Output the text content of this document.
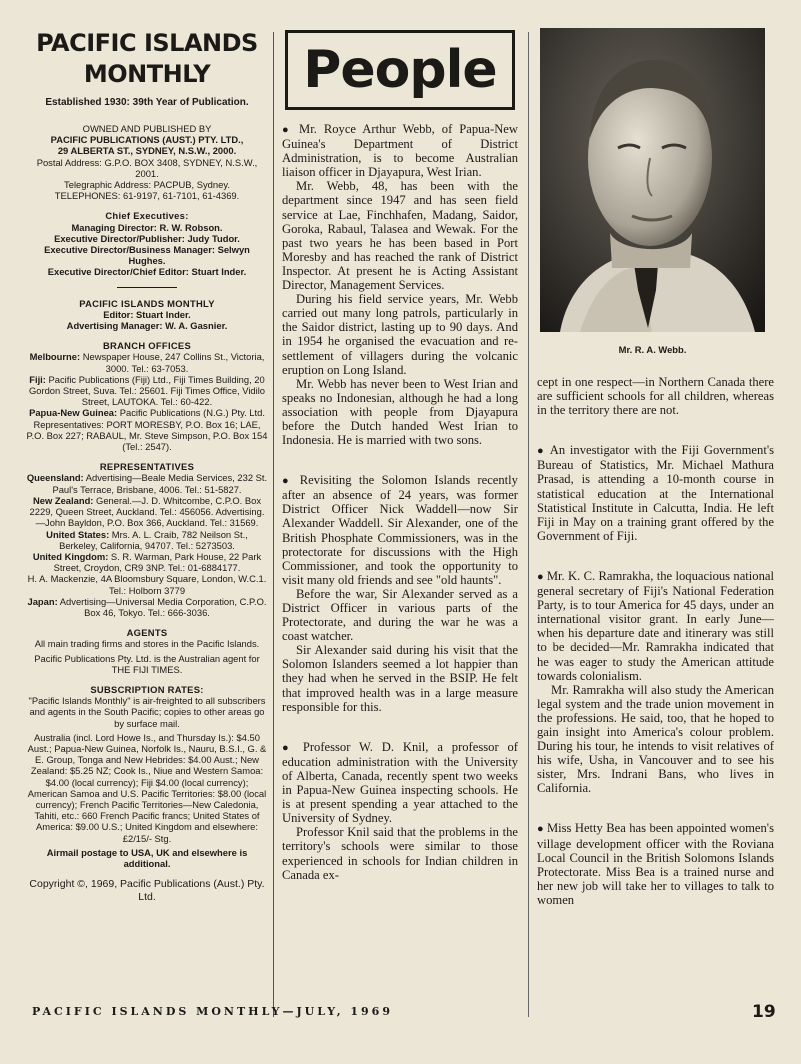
PACIFIC ISLANDS
MONTHLY
Established 1930: 39th Year of Publication.

OWNED AND PUBLISHED BY

PACIFIC PUBLICATIONS (AUST.) PTY. LTD.,

29 ALBERTA ST., SYDNEY, N.S.W., 2000.

Postal Address: G.P.O. BOX 3408, SYDNEY, N.S.W., 2001.

Telegraphic Address: PACPUB, Sydney.

TELEPHONES: 61-9197, 61-7101, 61-4369.

Chief Executives:

Managing Director: R. W. Robson.

Executive Director/Publisher: Judy Tudor.

Executive Director/Business Manager: Selwyn Hughes.

Executive Director/Chief Editor: Stuart Inder.

PACIFIC ISLANDS MONTHLY

Editor: Stuart Inder.

Advertising Manager: W. A. Gasnier.

BRANCH OFFICES

Melbourne: Newspaper House, 247 Collins St., Victoria, 3000. Tel.: 63-7053.

Fiji: Pacific Publications (Fiji) Ltd., Fiji Times Building, 20 Gordon Street, Suva. Tel.: 25601. Fiji Times Office, Vidilo Street, LAUTOKA. Tel.: 60-422.

Papua-New Guinea: Pacific Publications (N.G.) Pty. Ltd. Representatives: PORT MORESBY, P.O. Box 16; LAE, P.O. Box 227; RABAUL, Mr. Steve Simpson, P.O. Box 154 (Tel.: 2547).

REPRESENTATIVES

Queensland: Advertising—Beale Media Services, 232 St. Paul's Terrace, Brisbane, 4006. Tel.: 51-5827.

New Zealand: General.—J. D. Whitcombe, C.P.O. Box 2229, Queen Street, Auckland. Tel.: 456056. Advertising.—John Bayldon, P.O. Box 366, Auckland. Tel.: 31569.

United States: Mrs. A. L. Craib, 782 Neilson St., Berkeley, California, 94707. Tel.: 5273503.

United Kingdom: S. R. Warman, Park House, 22 Park Street, Croydon, CR9 3NP. Tel.: 01-6884177.

H. A. Mackenzie, 4A Bloomsbury Square, London, W.C.1. Tel.: Holborn 3779

Japan: Advertising—Universal Media Corporation, C.P.O. Box 46, Tokyo. Tel.: 666-3036.

AGENTS

All main trading firms and stores in the Pacific Islands.

Pacific Publications Pty. Ltd. is the Australian agent for THE FIJI TIMES.

SUBSCRIPTION RATES:

"Pacific Islands Monthly" is air-freighted to all subscribers and agents in the South Pacific; copies to other areas go by surface mail.

Australia (incl. Lord Howe Is., and Thursday Is.): $4.50 Aust.; Papua-New Guinea, Norfolk Is., Nauru, B.S.I., G. & E. Group, Tonga and New Hebrides: $4.00 Aust.; New Zealand: $5.25 NZ; Cook Is., Niue and Western Samoa: $4.00 (local currency); Fiji $4.00 (local currency); American Samoa and U.S. Pacific Territories: $8.00 (local currency); French Pacific Territories—New Caledonia, Tahiti, etc.: 660 French Pacific francs; United States of America: $9.00 U.S.; United Kingdom and elsewhere: £2/15/- Stg.

Airmail postage to USA, UK and elsewhere is additional.

Copyright ©, 1969, Pacific Publications (Aust.) Pty. Ltd.

People

● Mr. Royce Arthur Webb, of Papua-New Guinea's Department of District Administration, is to become Australian liaison officer in Djayapura, West Irian.

Mr. Webb, 48, has been with the department since 1947 and has seen field service at Lae, Finchhafen, Madang, Saidor, Goroka, Rabaul, Talasea and Wewak. For the past two years he has been based in Port Moresby and has reached the rank of District Inspector. At present he is Acting Assistant Director, Management Services.

During his field service years, Mr. Webb carried out many long patrols, particularly in the Saidor district, lasting up to 90 days. And in 1954 he organised the evacuation and re-settlement of villagers during the volcanic eruption on Long Island.

Mr. Webb has never been to West Irian and speaks no Indonesian, although he had a long association with people from Djayapura before the Dutch handed West Irian to Indonesia. He is married with two sons.

● Revisiting the Solomon Islands recently after an absence of 24 years, was former District Officer Nick Waddell—now Sir Alexander Waddell. Sir Alexander, one of the British Phosphate Commissioners, was in the protectorate for discussions with the High Commissioner, and took the opportunity to visit many old friends and see "old haunts".

Before the war, Sir Alexander served as a District Officer in various parts of the Protectorate, and during the war he was a coast watcher.

Sir Alexander said during his visit that the Solomon Islanders seemed a lot happier than they had when he served in the BSIP. He felt that improved health was in a large measure responsible for this.

● Professor W. D. Knil, a professor of education administration with the University of Alberta, Canada, recently spent two weeks in Papua-New Guinea inspecting schools. He is at present spending a year attached to the University of Sydney.

Professor Knil said that the problems in the territory's schools were similar to those experienced in schools for Indian children in Canada ex-

Mr. R. A. Webb.

cept in one respect—in Northern Canada there are sufficient schools for all children, whereas in the territory there are not.

● An investigator with the Fiji Government's Bureau of Statistics, Mr. Michael Mathura Prasad, is attending a 10-month course in statistical education at the International Statistical Institute in Calcutta, India. He left Fiji in May on a training grant offered by the Government of Fiji.

● Mr. K. C. Ramrakha, the loquacious national general secretary of Fiji's National Federation Party, is to tour America for 45 days, under an international visitor grant. In early June—when his departure date and itinerary was still to be decided—Mr. Ramrakha indicated that he was eager to study the American attitude towards colonialism.

Mr. Ramrakha will also study the American legal system and the trade union movement in the professions. He said, too, that he hoped to gain insight into America's colour problem. During his tour, he intends to visit relatives of his wife, Usha, in Vancouver and to see his sister, Mrs. Indrani Bans, who lives in California.

● Miss Hetty Bea has been appointed women's village development officer with the Roviana Local Council in the British Solomons Islands Protectorate. Miss Bea is a trained nurse and her new job will take her to villages to talk to women

PACIFIC ISLANDS MONTHLY—JULY, 1969	19
